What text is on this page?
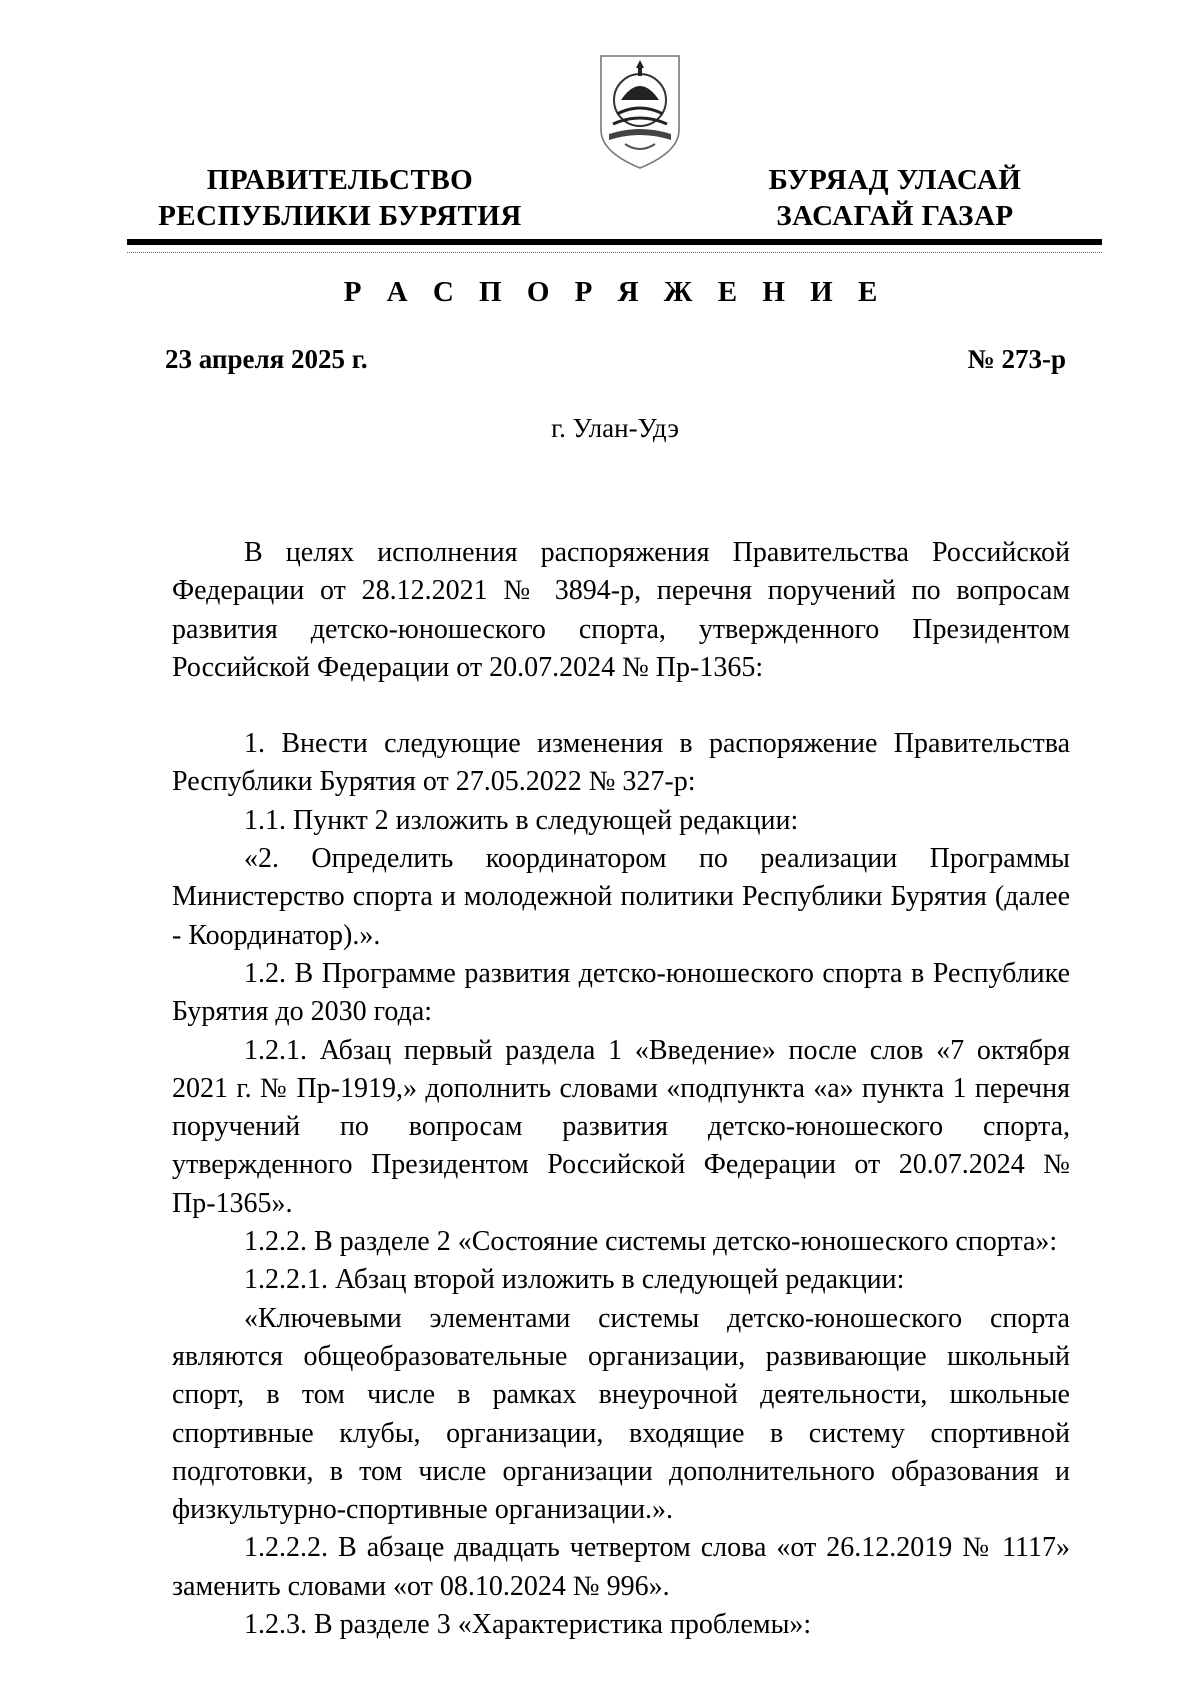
ПРАВИТЕЛЬСТВО
РЕСПУБЛИКИ БУРЯТИЯ
БУРЯАД УЛАСАЙ
ЗАСАГАЙ ГАЗАР
Р А С П О Р Я Ж Е Н И Е
23 апреля 2025 г.	№ 273-р
г. Улан-Удэ

В целях исполнения распоряжения Правительства Российской Федерации от 28.12.2021 № 3894-р, перечня поручений по вопросам развития детско-юношеского спорта, утвержденного Президентом Российской Федерации от 20.07.2024 № Пр-1365:

1. Внести следующие изменения в распоряжение Правительства Республики Бурятия от 27.05.2022 № 327-р:

1.1. Пункт 2 изложить в следующей редакции:

«2. Определить координатором по реализации Программы Министерство спорта и молодежной политики Республики Бурятия (далее - Координатор).».

1.2. В Программе развития детско-юношеского спорта в Республике Бурятия до 2030 года:

1.2.1. Абзац первый раздела 1 «Введение» после слов «7 октября 2021 г. № Пр-1919,» дополнить словами «подпункта «а» пункта 1 перечня поручений по вопросам развития детско-юношеского спорта, утвержденного Президентом Российской Федерации от 20.07.2024 № Пр-1365».

1.2.2. В разделе 2 «Состояние системы детско-юношеского спорта»:

1.2.2.1. Абзац второй изложить в следующей редакции:

«Ключевыми элементами системы детско-юношеского спорта являются общеобразовательные организации, развивающие школьный спорт, в том числе в рамках внеурочной деятельности, школьные спортивные клубы, организации, входящие в систему спортивной подготовки, в том числе организации дополнительного образования и физкультурно-спортивные организации.».

1.2.2.2. В абзаце двадцать четвертом слова «от 26.12.2019 № 1117» заменить словами «от 08.10.2024 № 996».

1.2.3. В разделе 3 «Характеристика проблемы»:
